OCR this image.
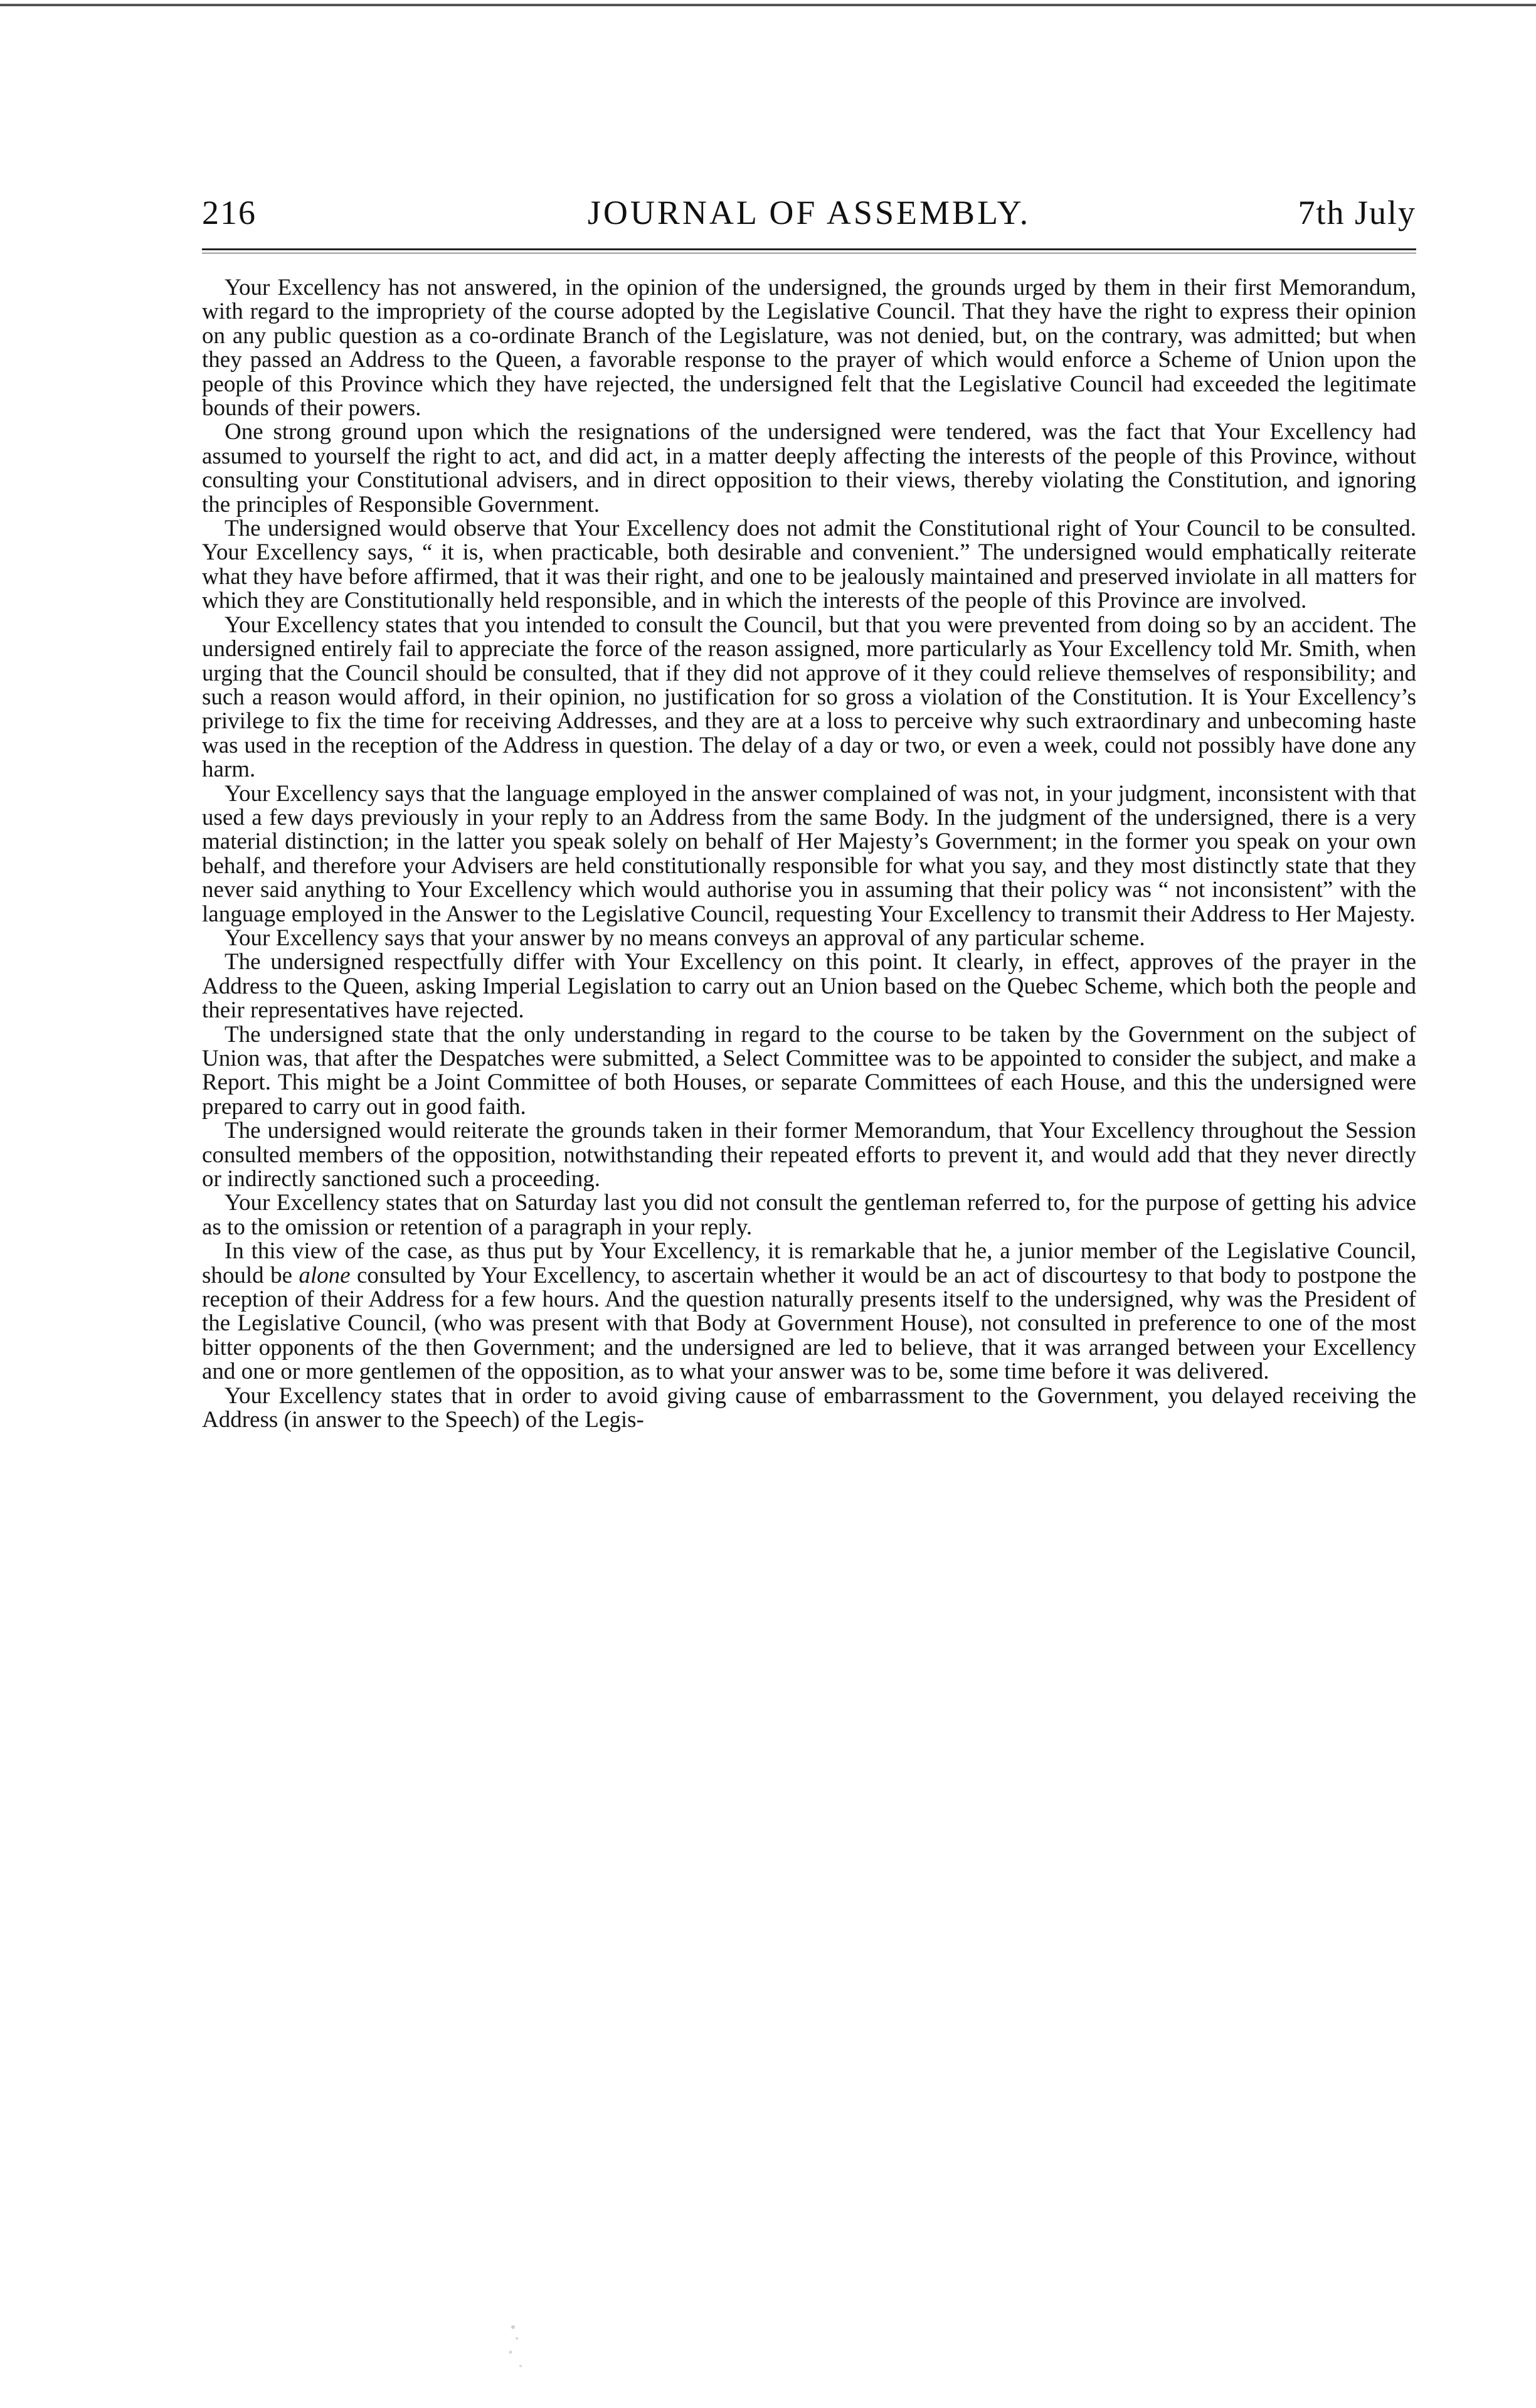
216	JOURNAL OF ASSEMBLY.	7th July

Your Excellency has not answered, in the opinion of the undersigned, the grounds urged by them in their first Memorandum, with regard to the impropriety of the course adopted by the Legislative Council. That they have the right to express their opinion on any public question as a co-ordinate Branch of the Legislature, was not denied, but, on the contrary, was admitted; but when they passed an Address to the Queen, a favorable response to the prayer of which would enforce a Scheme of Union upon the people of this Province which they have rejected, the undersigned felt that the Legislative Council had exceeded the legitimate bounds of their powers.

One strong ground upon which the resignations of the undersigned were tendered, was the fact that Your Excellency had assumed to yourself the right to act, and did act, in a matter deeply affecting the interests of the people of this Province, without consulting your Constitutional advisers, and in direct opposition to their views, thereby violating the Constitution, and ignoring the principles of Responsible Government.

The undersigned would observe that Your Excellency does not admit the Constitutional right of Your Council to be consulted. Your Excellency says, “ it is, when practicable, both desirable and convenient.” The undersigned would emphatically reiterate what they have before affirmed, that it was their right, and one to be jealously maintained and preserved inviolate in all matters for which they are Constitutionally held responsible, and in which the interests of the people of this Province are involved.

Your Excellency states that you intended to consult the Council, but that you were prevented from doing so by an accident. The undersigned entirely fail to appreciate the force of the reason assigned, more particularly as Your Excellency told Mr. Smith, when urging that the Council should be consulted, that if they did not approve of it they could relieve themselves of responsibility; and such a reason would afford, in their opinion, no justification for so gross a violation of the Constitution. It is Your Excellency’s privilege to fix the time for receiving Addresses, and they are at a loss to perceive why such extraordinary and unbecoming haste was used in the reception of the Address in question. The delay of a day or two, or even a week, could not possibly have done any harm.

Your Excellency says that the language employed in the answer complained of was not, in your judgment, inconsistent with that used a few days previously in your reply to an Address from the same Body. In the judgment of the undersigned, there is a very material distinction; in the latter you speak solely on behalf of Her Majesty’s Government; in the former you speak on your own behalf, and therefore your Advisers are held constitutionally responsible for what you say, and they most distinctly state that they never said anything to Your Excellency which would authorise you in assuming that their policy was “ not inconsistent” with the language employed in the Answer to the Legislative Council, requesting Your Excellency to transmit their Address to Her Majesty.

Your Excellency says that your answer by no means conveys an approval of any particular scheme.

The undersigned respectfully differ with Your Excellency on this point. It clearly, in effect, approves of the prayer in the Address to the Queen, asking Imperial Legislation to carry out an Union based on the Quebec Scheme, which both the people and their representatives have rejected.

The undersigned state that the only understanding in regard to the course to be taken by the Government on the subject of Union was, that after the Despatches were submitted, a Select Committee was to be appointed to consider the subject, and make a Report. This might be a Joint Committee of both Houses, or separate Committees of each House, and this the undersigned were prepared to carry out in good faith.

The undersigned would reiterate the grounds taken in their former Memorandum, that Your Excellency throughout the Session consulted members of the opposition, notwithstanding their repeated efforts to prevent it, and would add that they never directly or indirectly sanctioned such a proceeding.

Your Excellency states that on Saturday last you did not consult the gentleman referred to, for the purpose of getting his advice as to the omission or retention of a paragraph in your reply.

In this view of the case, as thus put by Your Excellency, it is remarkable that he, a junior member of the Legislative Council, should be alone consulted by Your Excellency, to ascertain whether it would be an act of discourtesy to that body to postpone the reception of their Address for a few hours. And the question naturally presents itself to the undersigned, why was the President of the Legislative Council, (who was present with that Body at Government House), not consulted in preference to one of the most bitter opponents of the then Government; and the undersigned are led to believe, that it was arranged between your Excellency and one or more gentlemen of the opposition, as to what your answer was to be, some time before it was delivered.

Your Excellency states that in order to avoid giving cause of embarrassment to the Government, you delayed receiving the Address (in answer to the Speech) of the Legis-
